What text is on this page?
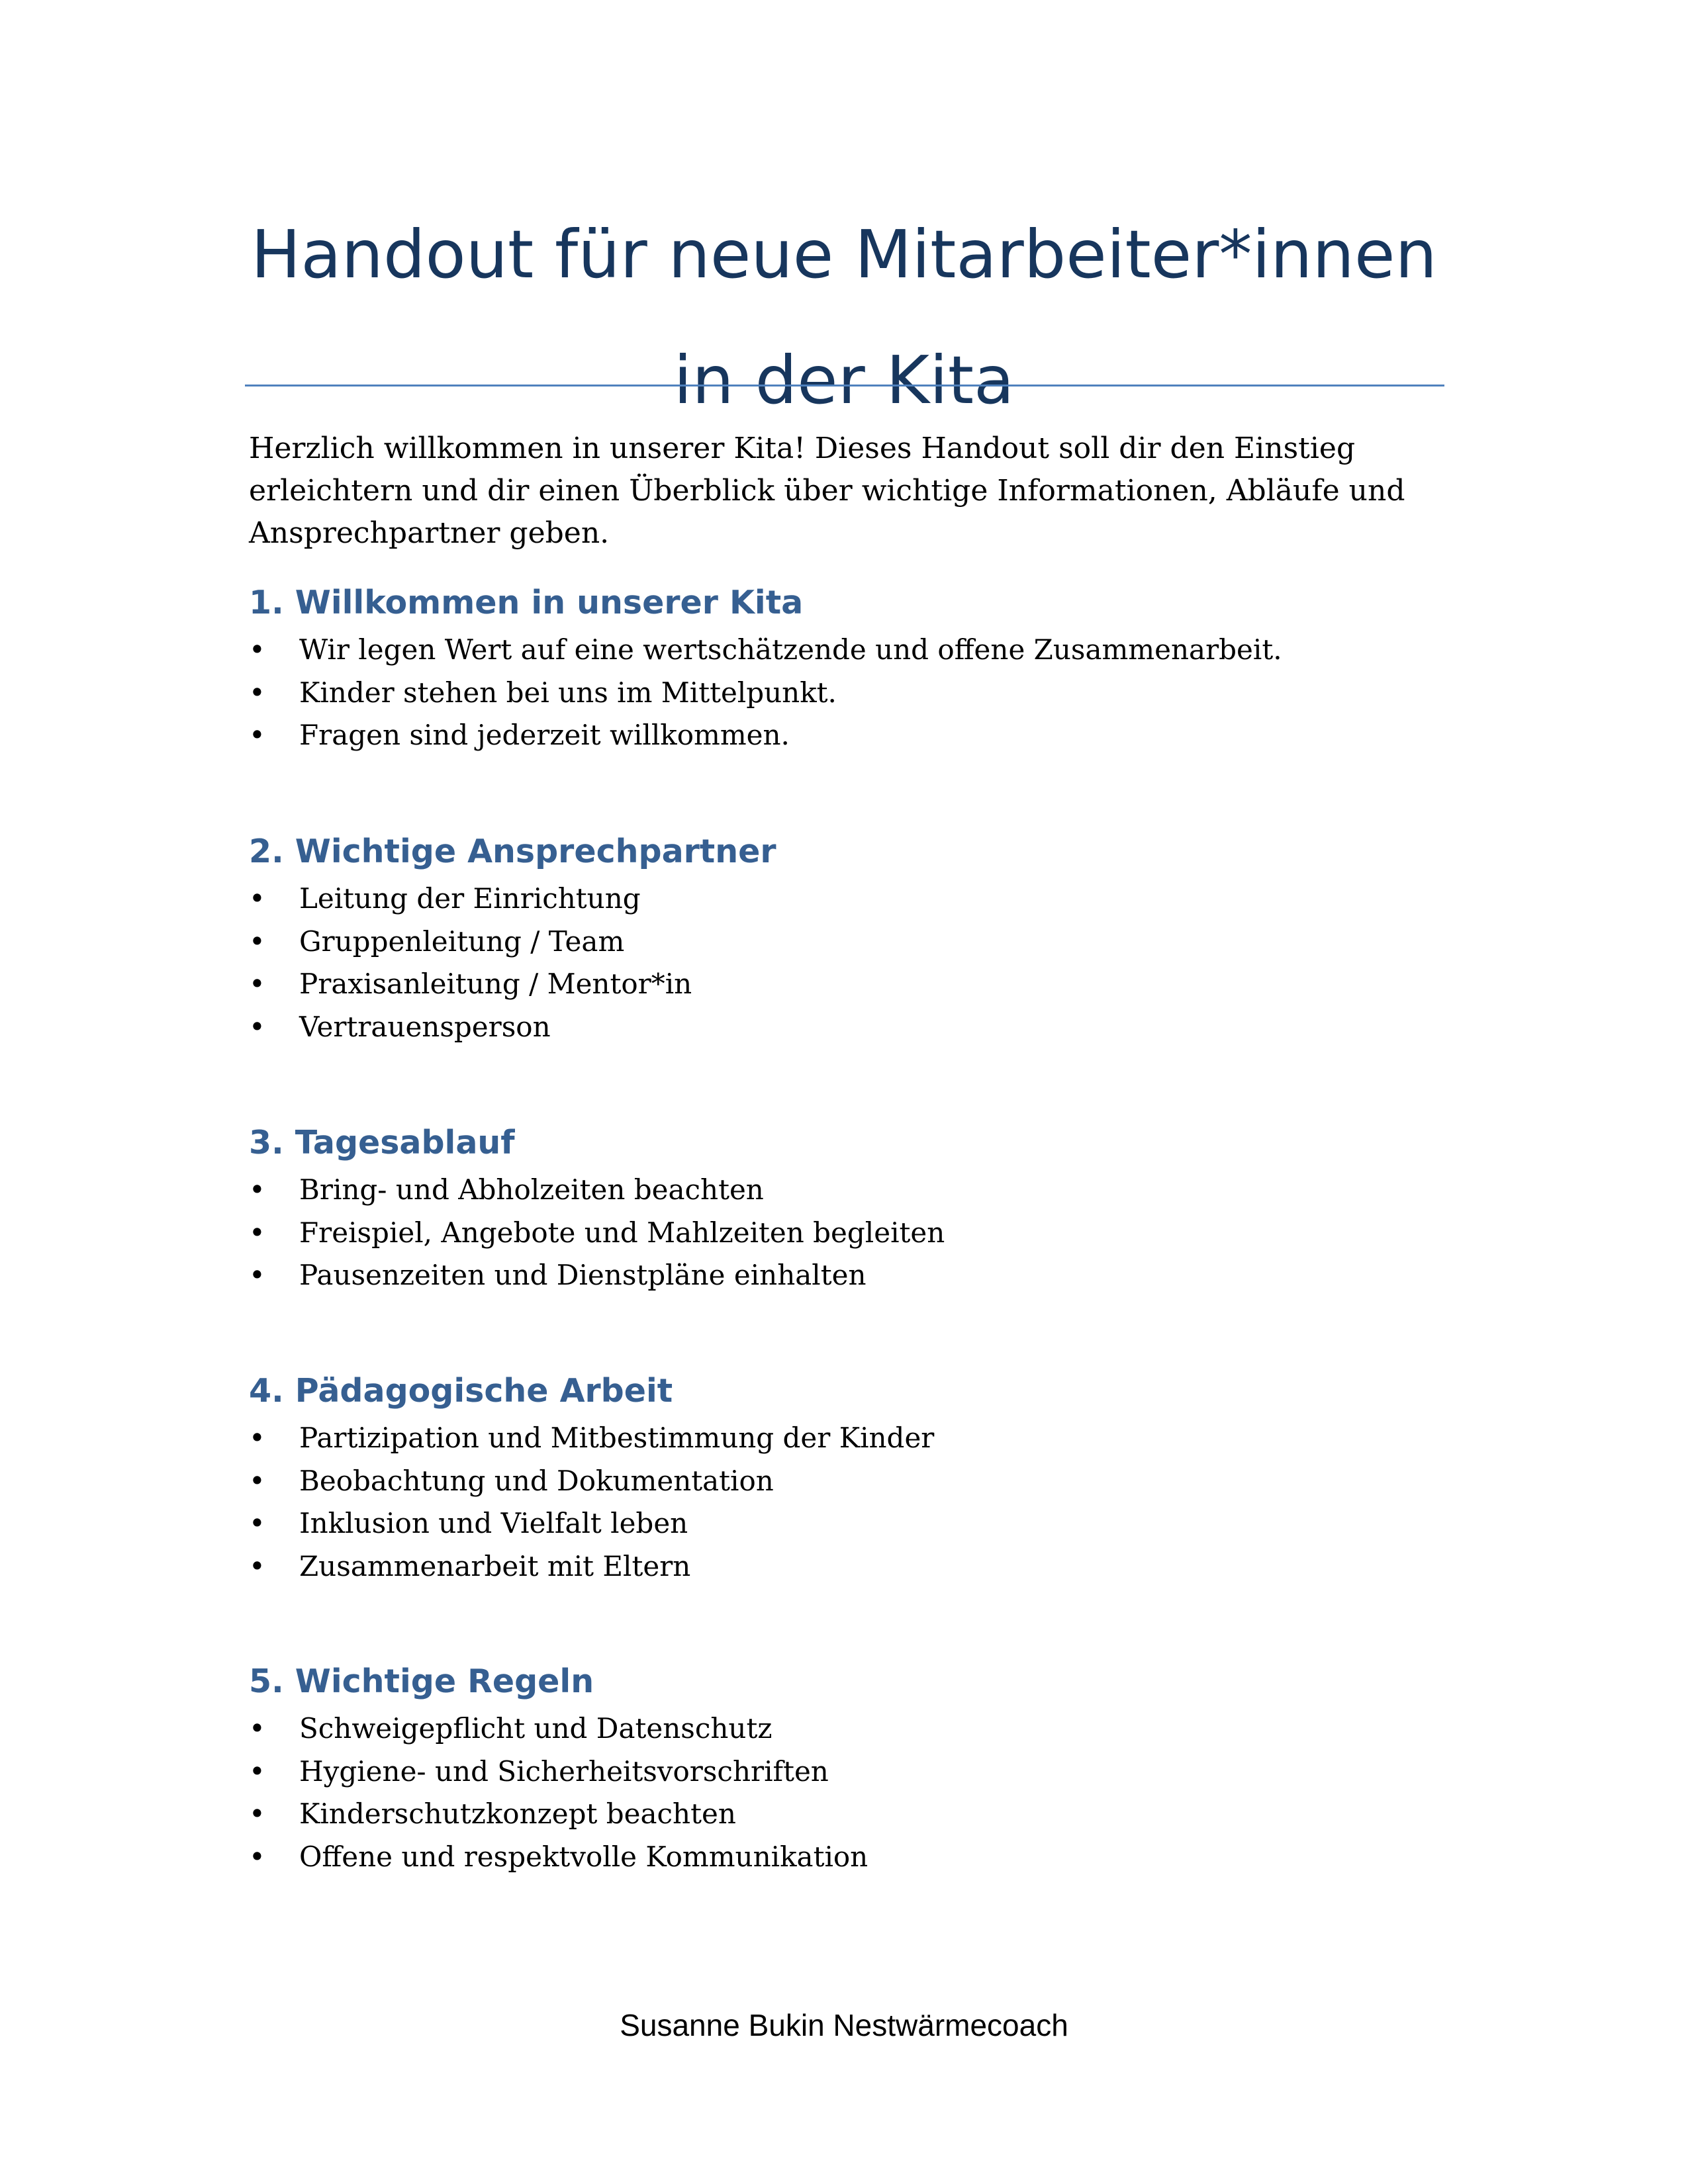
Handout für neue Mitarbeiter*innen
in der Kita

Herzlich willkommen in unserer Kita! Dieses Handout soll dir den Einstieg erleichtern und dir einen Überblick über wichtige Informationen, Abläufe und Ansprechpartner geben.

1. Willkommen in unserer Kita
• Wir legen Wert auf eine wertschätzende und offene Zusammenarbeit.
• Kinder stehen bei uns im Mittelpunkt.
• Fragen sind jederzeit willkommen.
2. Wichtige Ansprechpartner
• Leitung der Einrichtung
• Gruppenleitung / Team
• Praxisanleitung / Mentor*in
• Vertrauensperson
3. Tagesablauf
• Bring- und Abholzeiten beachten
• Freispiel, Angebote und Mahlzeiten begleiten
• Pausenzeiten und Dienstpläne einhalten
4. Pädagogische Arbeit
• Partizipation und Mitbestimmung der Kinder
• Beobachtung und Dokumentation
• Inklusion und Vielfalt leben
• Zusammenarbeit mit Eltern
5. Wichtige Regeln
• Schweigepflicht und Datenschutz
• Hygiene- und Sicherheitsvorschriften
• Kinderschutzkonzept beachten
• Offene und respektvolle Kommunikation

Susanne Bukin Nestwärmecoach
